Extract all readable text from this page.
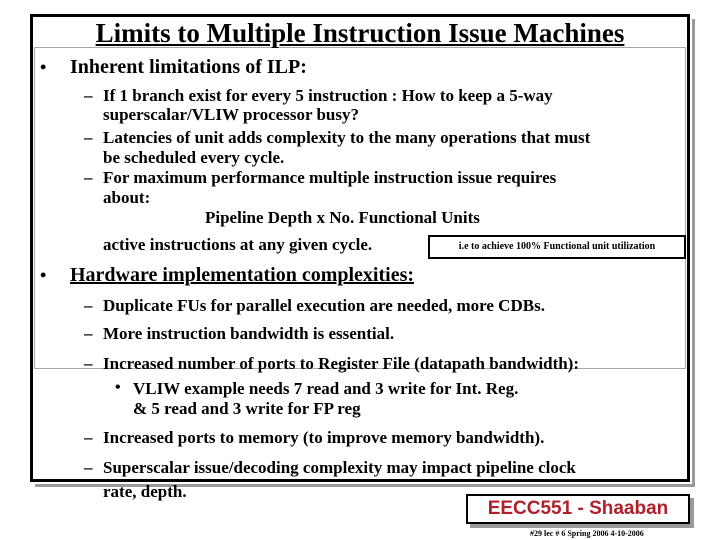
Limits to Multiple Instruction Issue Machines
• Inherent limitations of ILP:
– If 1 branch exist for every 5 instruction : How to keep a 5-way
superscalar/VLIW processor busy?
– Latencies of unit adds complexity to the many operations that must
be scheduled every cycle.
– For maximum performance multiple instruction issue requires
about:
Pipeline Depth x No. Functional Units
active instructions at any given cycle.	i.e to achieve 100% Functional unit utilization
• Hardware implementation complexities:
– Duplicate FUs for parallel execution are needed, more CDBs.
– More instruction bandwidth is essential.
– Increased number of ports to Register File (datapath bandwidth):
• VLIW example needs 7 read and 3 write for Int. Reg.
& 5 read and 3 write for FP reg
– Increased ports to memory (to improve memory bandwidth).
– Superscalar issue/decoding complexity may impact pipeline clock
rate, depth.
EECC551 - Shaaban
#29 lec # 6 Spring 2006 4-10-2006
